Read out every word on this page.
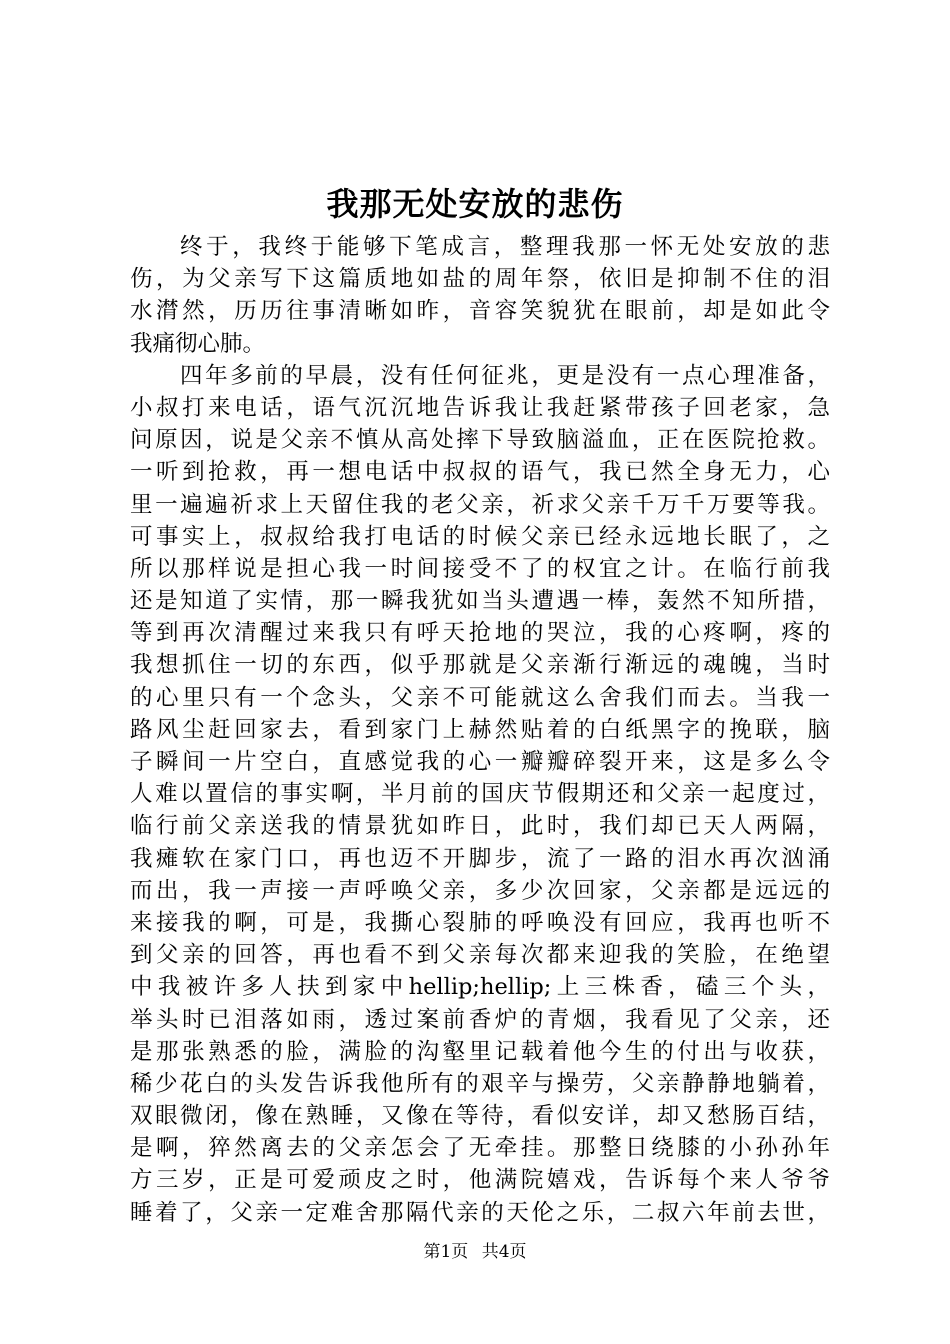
我那无处安放的悲伤
终于，我终于能够下笔成言，整理我那一怀无处安放的悲
伤，为父亲写下这篇质地如盐的周年祭，依旧是抑制不住的泪
水潸然，历历往事清晰如昨，音容笑貌犹在眼前，却是如此令
我痛彻心肺。
四年多前的早晨，没有任何征兆，更是没有一点心理准备，
小叔打来电话，语气沉沉地告诉我让我赶紧带孩子回老家，急
问原因，说是父亲不慎从高处摔下导致脑溢血，正在医院抢救。
一听到抢救，再一想电话中叔叔的语气，我已然全身无力，心
里一遍遍祈求上天留住我的老父亲，祈求父亲千万千万要等我。
可事实上，叔叔给我打电话的时候父亲已经永远地长眠了，之
所以那样说是担心我一时间接受不了的权宜之计。在临行前我
还是知道了实情，那一瞬我犹如当头遭遇一棒，轰然不知所措，
等到再次清醒过来我只有呼天抢地的哭泣，我的心疼啊，疼的
我想抓住一切的东西，似乎那就是父亲渐行渐远的魂魄，当时
的心里只有一个念头，父亲不可能就这么舍我们而去。当我一
路风尘赶回家去，看到家门上赫然贴着的白纸黑字的挽联，脑
子瞬间一片空白，直感觉我的心一瓣瓣碎裂开来，这是多么令
人难以置信的事实啊，半月前的国庆节假期还和父亲一起度过，
临行前父亲送我的情景犹如昨日，此时，我们却已天人两隔，
我瘫软在家门口，再也迈不开脚步，流了一路的泪水再次汹涌
而出，我一声接一声呼唤父亲，多少次回家，父亲都是远远的
来接我的啊，可是，我撕心裂肺的呼唤没有回应，我再也听不
到父亲的回答，再也看不到父亲每次都来迎我的笑脸，在绝望
中我被许多人扶到家中hellip;hellip;上三株香，磕三个头，
举头时已泪落如雨，透过案前香炉的青烟，我看见了父亲，还
是那张熟悉的脸，满脸的沟壑里记载着他今生的付出与收获，
稀少花白的头发告诉我他所有的艰辛与操劳，父亲静静地躺着，
双眼微闭，像在熟睡，又像在等待，看似安详，却又愁肠百结，
是啊，猝然离去的父亲怎会了无牵挂。那整日绕膝的小孙孙年
方三岁，正是可爱顽皮之时，他满院嬉戏，告诉每个来人爷爷
睡着了，父亲一定难舍那隔代亲的天伦之乐，二叔六年前去世，
第1页 共4页
